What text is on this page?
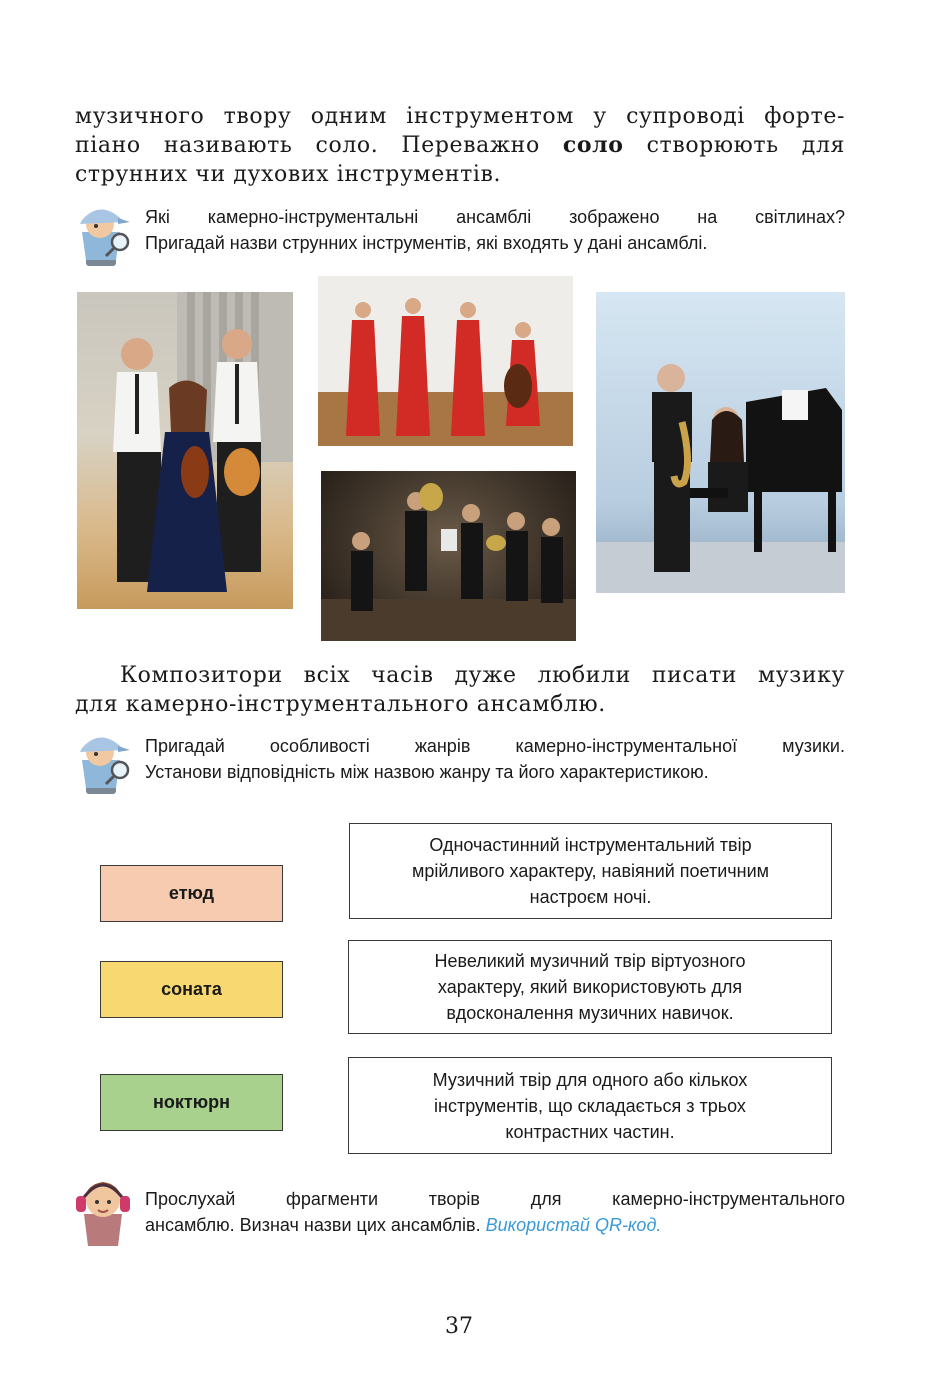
музичного твору одним інструментом у супроводі форте-
піано називають соло. Переважно соло створюють для
струнних чи духових інструментів.
Які камерно-інструментальні ансамблі зображено на світлинах?
Пригадай назви струнних інструментів, які входять у дані ансамблі.
Композитори всіх часів дуже любили писати музику
для камерно-інструментального ансамблю.
Пригадай особливості жанрів камерно-інструментальної музики.
Установи відповідність між назвою жанру та його характеристикою.
етюд
соната
ноктюрн
Одночастинний інструментальний твір
мрійливого характеру, навіяний поетичним
настроєм ночі.
Невеликий музичний твір віртуозного
характеру, який використовують для
вдосконалення музичних навичок.
Музичний твір для одного або кількох
інструментів, що складається з трьох
контрастних частин.
Прослухай фрагменти творів для камерно-інструментального
ансамблю. Визнач назви цих ансамблів. Використай QR-код.
37
